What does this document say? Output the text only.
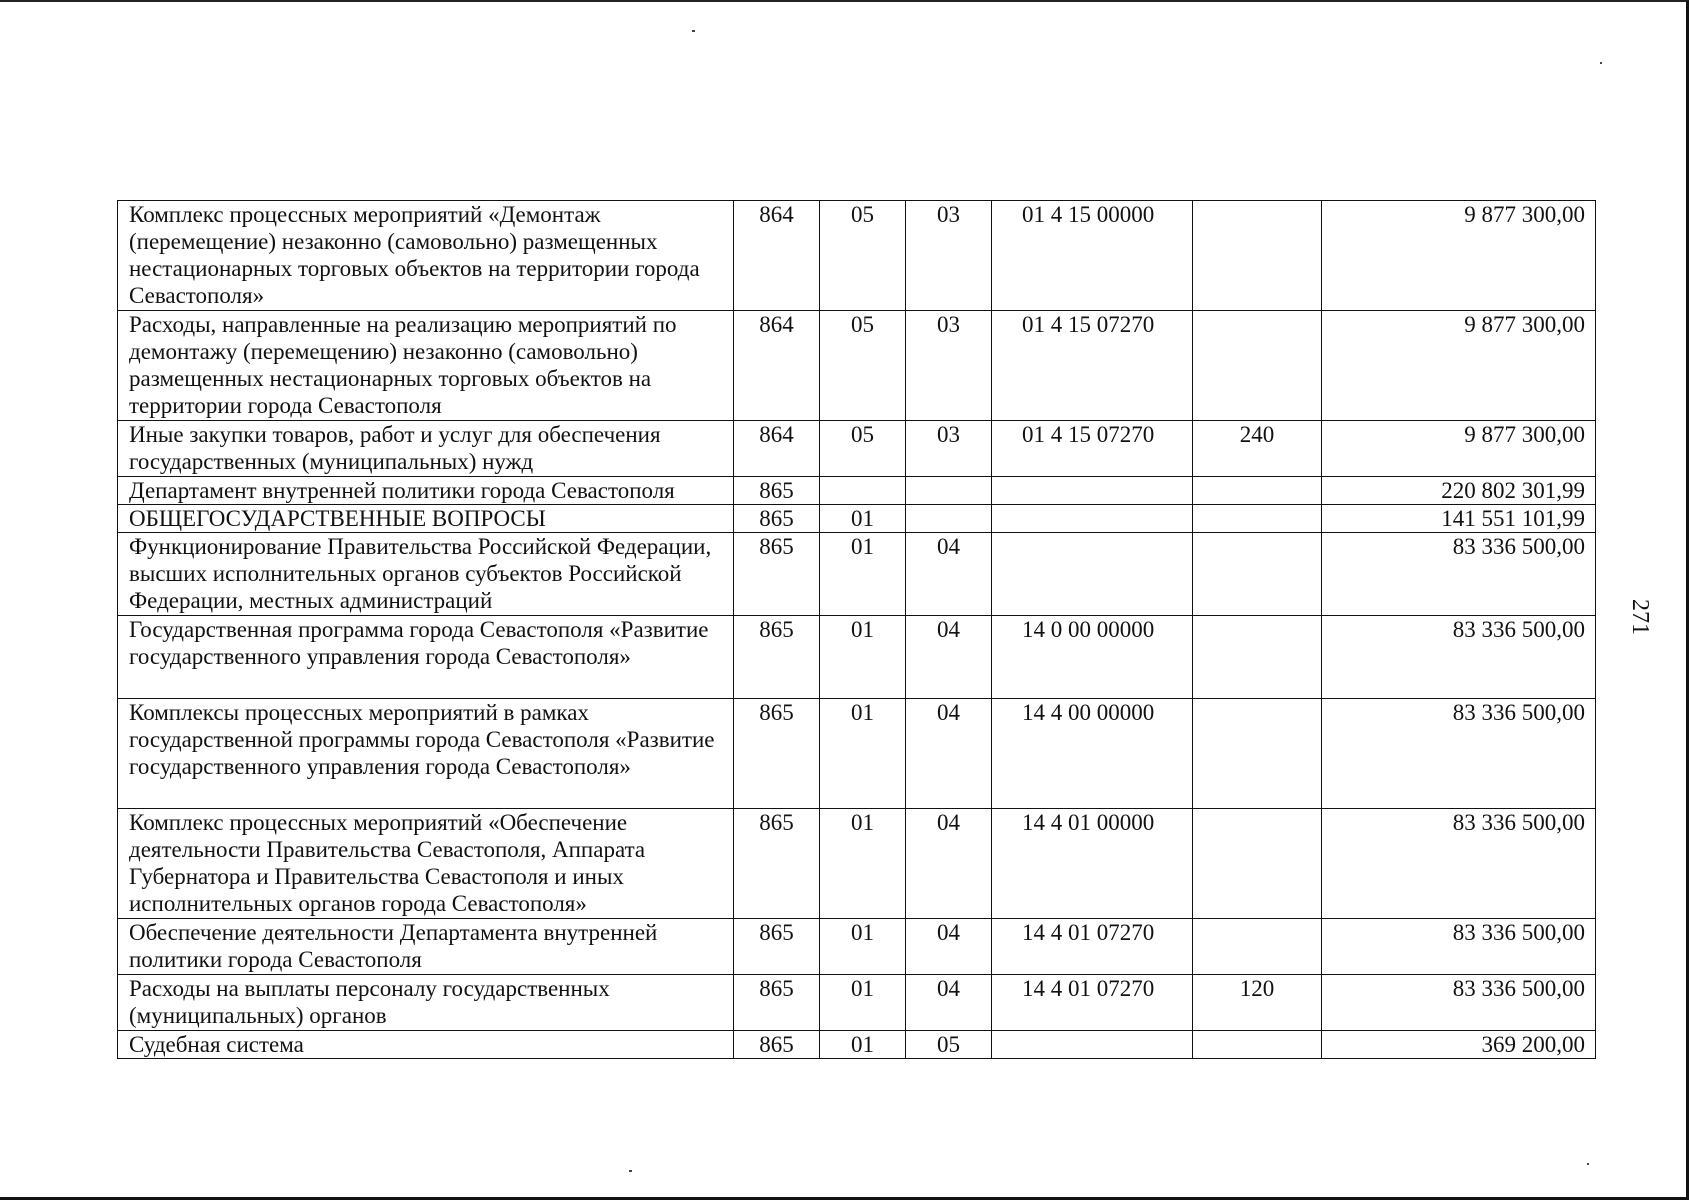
Комплекс процессных мероприятий «Демонтаж (перемещение) незаконно (самовольно) размещенных нестационарных торговых объектов на территории города Севастополя»	864	05	03	01 4 15 00000		9 877 300,00
Расходы, направленные на реализацию мероприятий по демонтажу (перемещению) незаконно (самовольно) размещенных нестационарных торговых объектов на территории города Севастополя	864	05	03	01 4 15 07270		9 877 300,00
Иные закупки товаров, работ и услуг для обеспечения государственных (муниципальных) нужд	864	05	03	01 4 15 07270	240	9 877 300,00
Департамент внутренней политики города Севастополя	865					220 802 301,99
ОБЩЕГОСУДАРСТВЕННЫЕ ВОПРОСЫ	865	01				141 551 101,99
Функционирование Правительства Российской Федерации, высших исполнительных органов субъектов Российской Федерации, местных администраций	865	01	04			83 336 500,00
Государственная программа города Севастополя «Развитие государственного управления города Севастополя»	865	01	04	14 0 00 00000		83 336 500,00
Комплексы процессных мероприятий в рамках государственной программы города Севастополя «Развитие государственного управления города Севастополя»	865	01	04	14 4 00 00000		83 336 500,00
Комплекс процессных мероприятий «Обеспечение деятельности Правительства Севастополя, Аппарата Губернатора и Правительства Севастополя и иных исполнительных органов города Севастополя»	865	01	04	14 4 01 00000		83 336 500,00
Обеспечение деятельности Департамента внутренней политики города Севастополя	865	01	04	14 4 01 07270		83 336 500,00
Расходы на выплаты персоналу государственных (муниципальных) органов	865	01	04	14 4 01 07270	120	83 336 500,00
Судебная система	865	01	05			369 200,00
271
